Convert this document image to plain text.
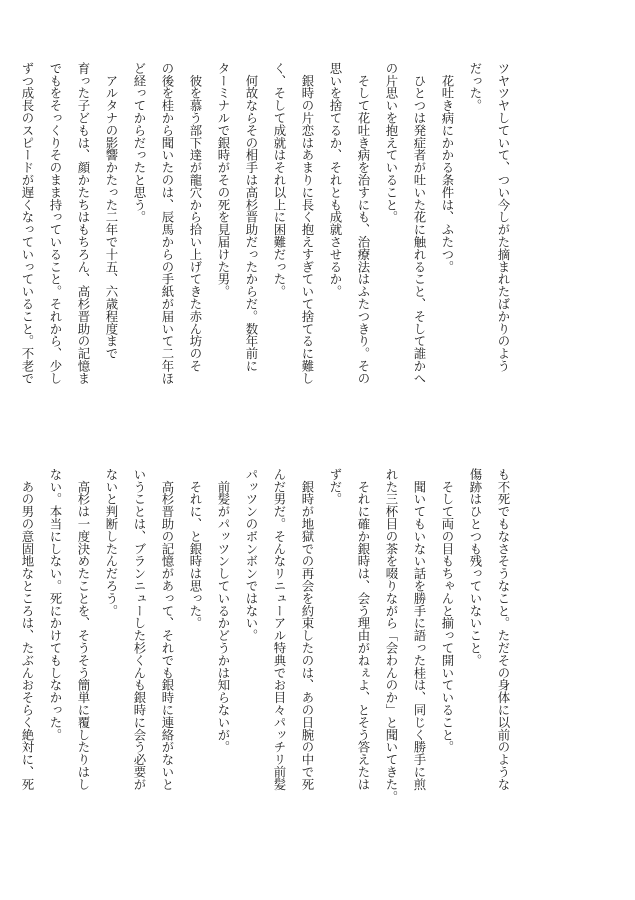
ツヤツヤしていて、つい今しがた摘まれたばかりのよう
だった。
　花吐き病にかかる条件は、ふたつ。
　ひとつは発症者が吐いた花に触れること、そして誰かへ
の片思いを抱えていること。
　そして花吐き病を治すにも、治療法はふたつきり。その
思いを捨てるか、それとも成就させるか。
　銀時の片恋はあまりに長く抱えすぎていて捨てるに難し
く、そして成就はそれ以上に困難だった。
　何故ならその相手は高杉晋助だったからだ。数年前に
ターミナルで銀時がその死を見届けた男。
　彼を慕う部下達が龍穴から拾い上げてきた赤ん坊のそ
の後を桂から聞いたのは、辰馬からの手紙が届いて二年ほ
ど経ってからだったと思う。
　アルタナの影響かたった二年で十五、六歳程度まで
育った子どもは、顔かたちはもちろん、高杉晋助の記憶ま
でもをそっくりそのまま持っていること。それから、少し
ずつ成長のスピードが遅くなっていっていること。不老で
も不死でもなさそうなこと。ただその身体に以前のような
傷跡はひとつも残っていないこと。
　そして両の目もちゃんと揃って開いていること。
　聞いてもいない話を勝手に語った桂は、同じく勝手に煎
れた三杯目の茶を啜りながら「会わんのか」と聞いてきた。
　それに確か銀時は、会う理由がねぇよ、とそう答えたは
ずだ。
　銀時が地獄での再会を約束したのは、あの日腕の中で死
んだ男だ。そんなリニューアル特典でお目々パッチリ前髪
パッツンのボンボンではない。
　前髪がパッツンしているかどうかは知らないが。
　それに、と銀時は思った。
　高杉晋助の記憶があって、それでも銀時に連絡がないと
いうことは、ブランニューした杉くんも銀時に会う必要が
ないと判断したんだろう。
　高杉は一度決めたことを、そうそう簡単に覆したりはし
ない。本当にしない。死にかけてもしなかった。
　あの男の意固地なところは、たぶんおそらく絶対に、死
